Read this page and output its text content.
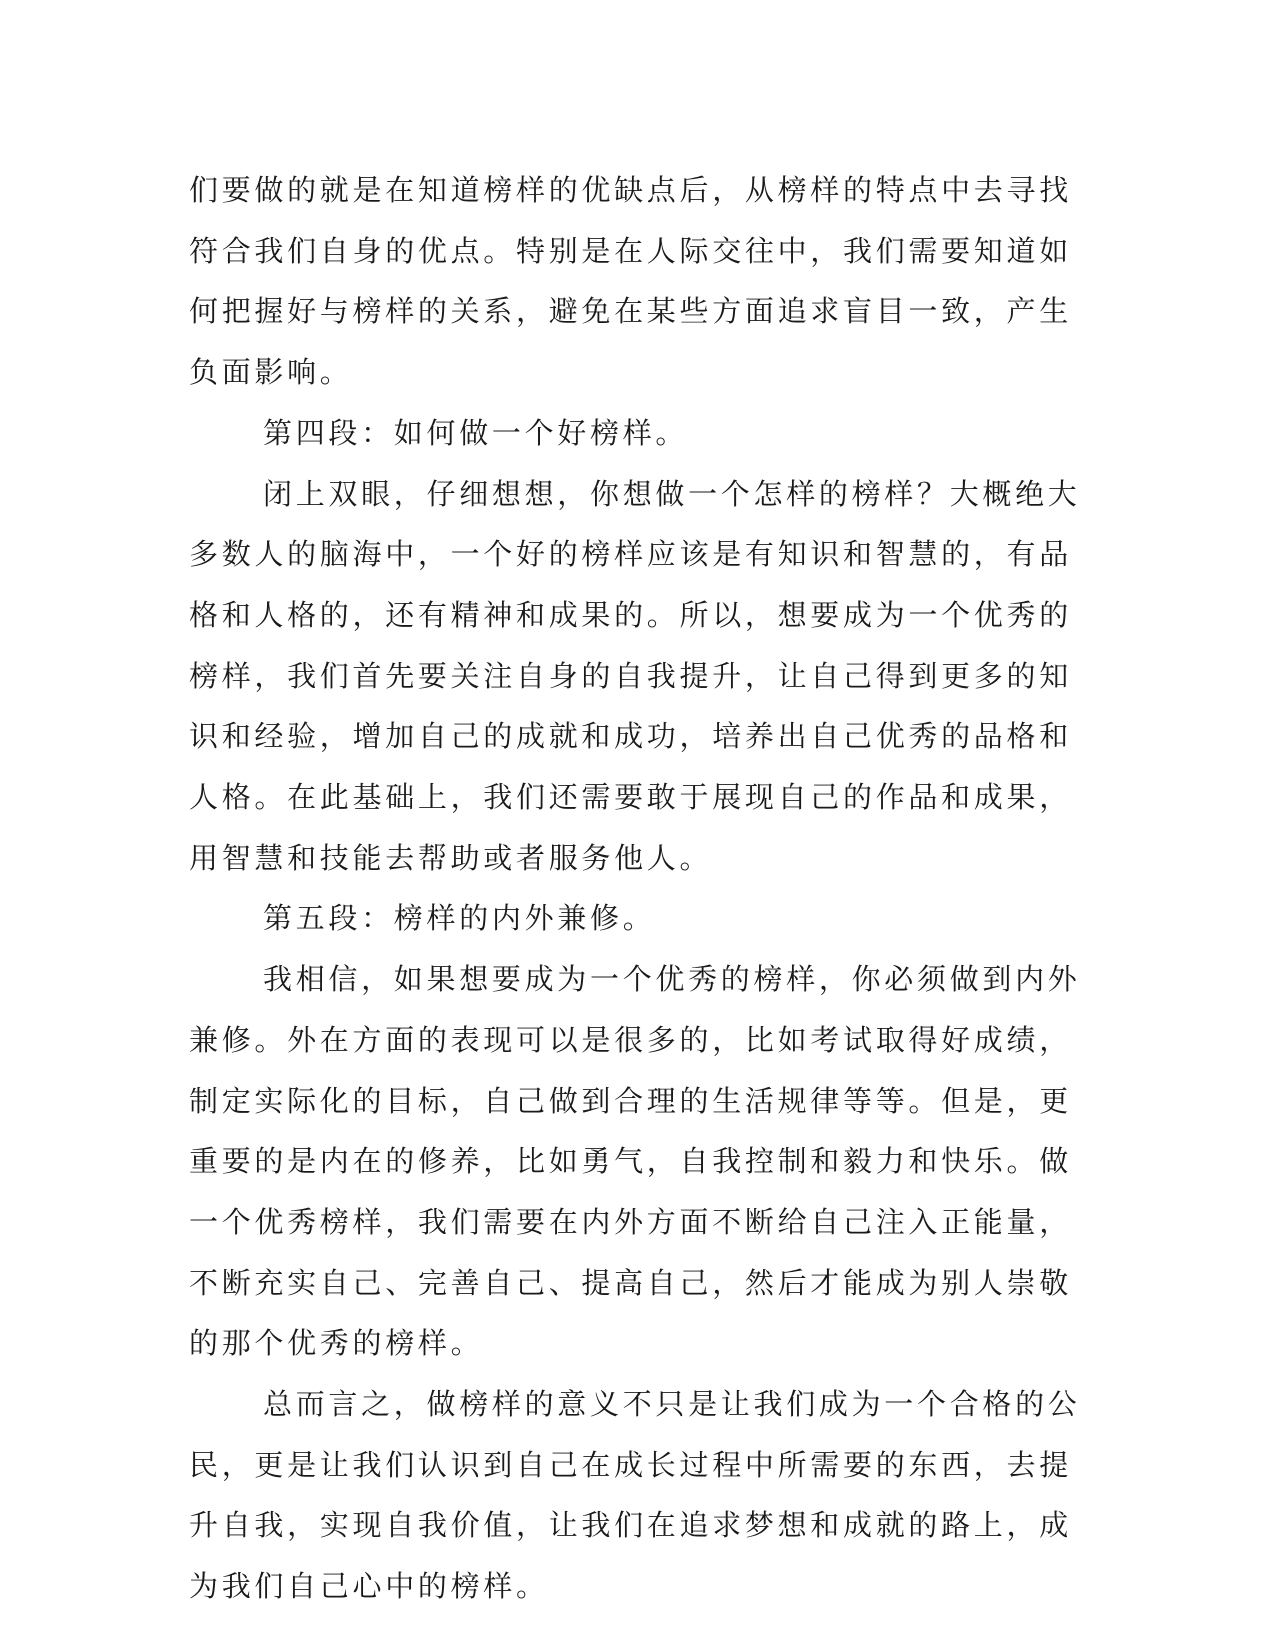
们要做的就是在知道榜样的优缺点后，从榜样的特点中去寻找符合我们自身的优点。特别是在人际交往中，我们需要知道如何把握好与榜样的关系，避免在某些方面追求盲目一致，产生负面影响。

第四段：如何做一个好榜样。

闭上双眼，仔细想想，你想做一个怎样的榜样？大概绝大多数人的脑海中，一个好的榜样应该是有知识和智慧的，有品格和人格的，还有精神和成果的。所以，想要成为一个优秀的榜样，我们首先要关注自身的自我提升，让自己得到更多的知识和经验，增加自己的成就和成功，培养出自己优秀的品格和人格。在此基础上，我们还需要敢于展现自己的作品和成果，用智慧和技能去帮助或者服务他人。

第五段：榜样的内外兼修。

我相信，如果想要成为一个优秀的榜样，你必须做到内外兼修。外在方面的表现可以是很多的，比如考试取得好成绩，制定实际化的目标，自己做到合理的生活规律等等。但是，更重要的是内在的修养，比如勇气，自我控制和毅力和快乐。做一个优秀榜样，我们需要在内外方面不断给自己注入正能量，不断充实自己、完善自己、提高自己，然后才能成为别人崇敬的那个优秀的榜样。

总而言之，做榜样的意义不只是让我们成为一个合格的公民，更是让我们认识到自己在成长过程中所需要的东西，去提升自我，实现自我价值，让我们在追求梦想和成就的路上，成为我们自己心中的榜样。
